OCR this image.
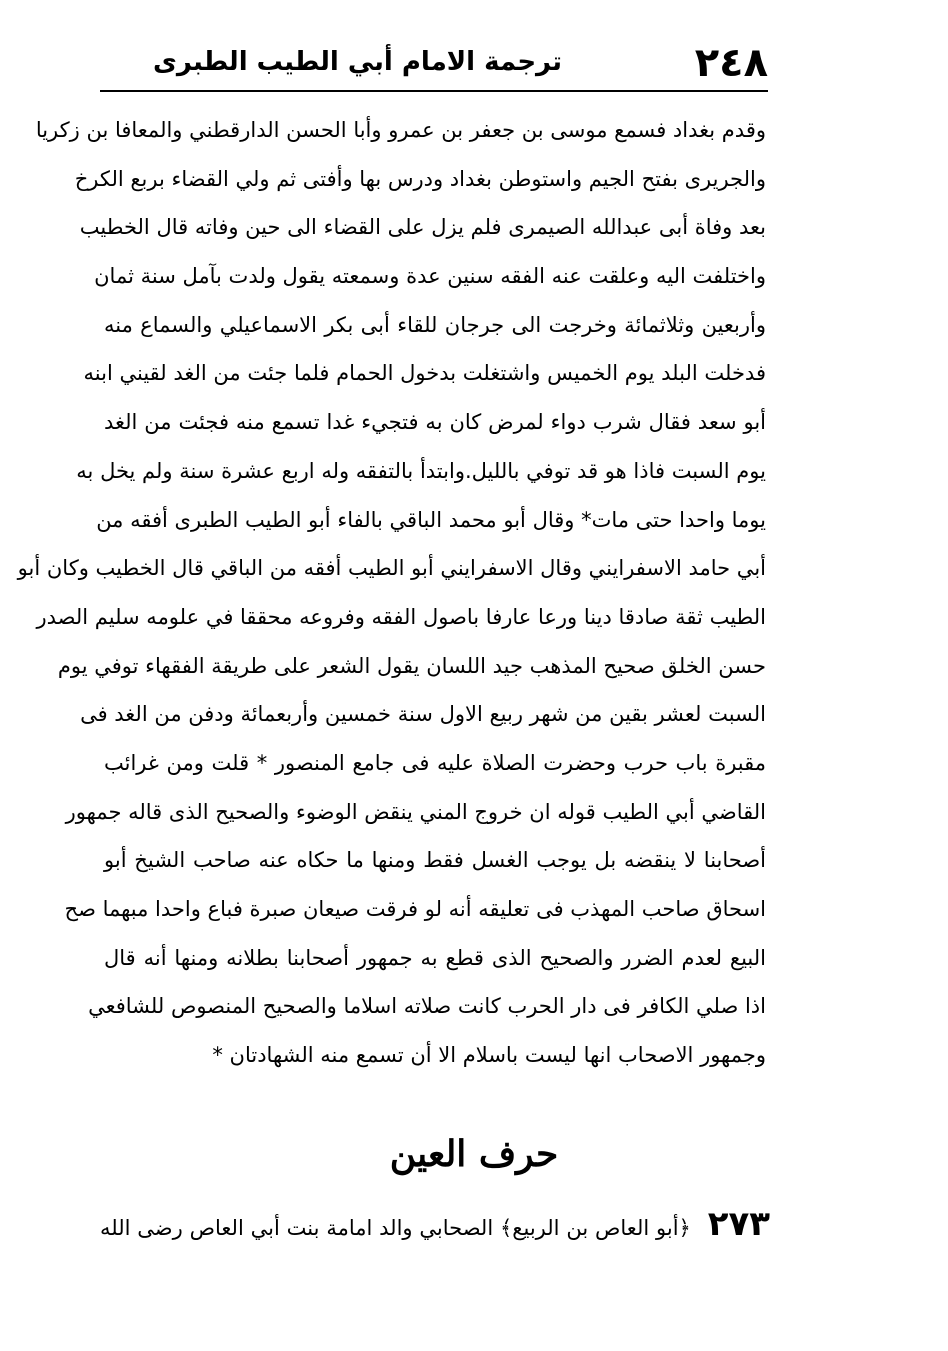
٢٤٨
ترجمة الامام أبي الطيب الطبرى
وقدم بغداد فسمع موسى بن جعفر بن عمرو وأبا الحسن الدارقطني والمعافا بن زكريا
والجريرى بفتح الجيم واستوطن بغداد ودرس بها وأفتى ثم ولي القضاء بربع الكرخ
بعد وفاة أبى عبدالله الصيمرى فلم يزل على القضاء الى حين وفاته قال الخطيب
واختلفت اليه وعلقت عنه الفقه سنين عدة وسمعته يقول ولدت بآمل سنة ثمان
وأربعين وثلاثمائة وخرجت الى جرجان للقاء أبى بكر الاسماعيلي والسماع منه
فدخلت البلد يوم الخميس واشتغلت بدخول الحمام فلما جئت من الغد لقيني ابنه
أبو سعد فقال شرب دواء لمرض كان به فتجيء غدا تسمع منه فجئت من الغد
يوم السبت فاذا هو قد توفي بالليل.وابتدأ بالتفقه وله اربع عشرة سنة ولم يخل به
يوما واحدا حتى مات* وقال أبو محمد الباقي بالفاء أبو الطيب الطبرى أفقه من
أبي حامد الاسفرايني وقال الاسفرايني أبو الطيب أفقه من الباقي قال الخطيب وكان أبو
الطيب ثقة صادقا دينا ورعا عارفا باصول الفقه وفروعه محققا في علومه سليم الصدر
حسن الخلق صحيح المذهب جيد اللسان يقول الشعر على طريقة الفقهاء توفي يوم
السبت لعشر بقين من شهر ربيع الاول سنة خمسين وأربعمائة ودفن من الغد فى
مقبرة باب حرب وحضرت الصلاة عليه فى جامع المنصور * قلت ومن غرائب
القاضي أبي الطيب قوله ان خروج المني ينقض الوضوء والصحيح الذى قاله جمهور
أصحابنا لا ينقضه بل يوجب الغسل فقط ومنها ما حكاه عنه صاحب الشيخ أبو
اسحاق صاحب المهذب فى تعليقه أنه لو فرقت صيعان صبرة فباع واحدا مبهما صح
البيع لعدم الضرر والصحيح الذى قطع به جمهور أصحابنا بطلانه ومنها أنه قال
اذا صلي الكافر فى دار الحرب كانت صلاته اسلاما والصحيح المنصوص للشافعي
وجمهور الاصحاب انها ليست باسلام الا أن تسمع منه الشهادتان *
حرف العين
٢٧٣ ﴿أبو العاص بن الربيع﴾ الصحابي والد امامة بنت أبي العاص رضى الله
